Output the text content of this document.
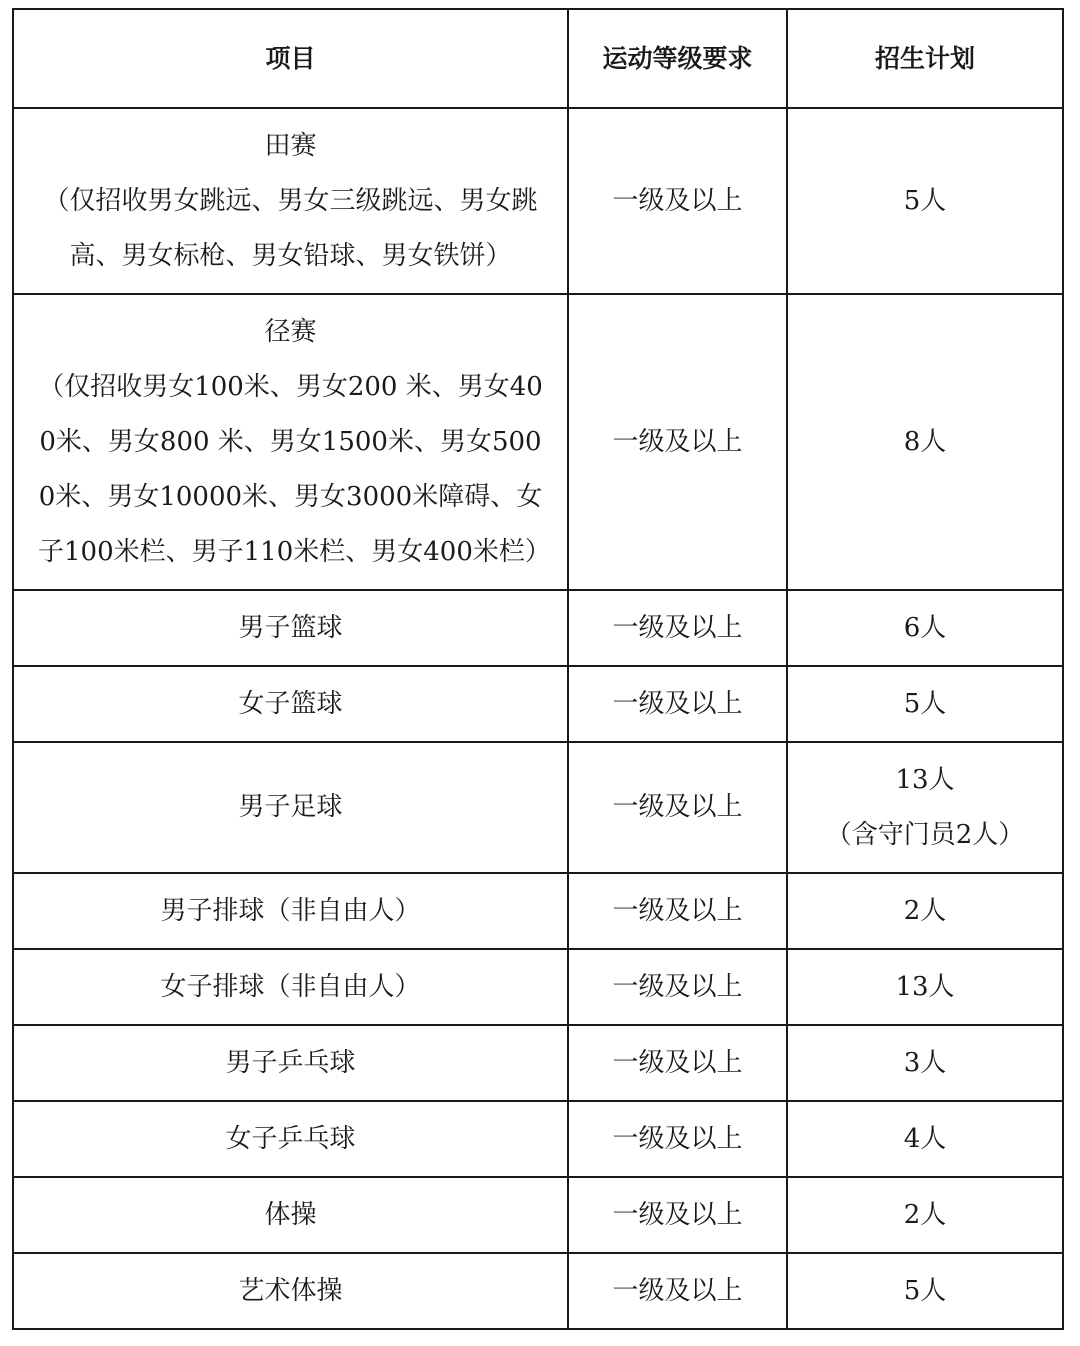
项目	运动等级要求	招生计划

田赛
（仅招收男女跳远、男女三级跳远、男女跳高、男女标枪、男女铅球、男女铁饼）	一级及以上	5人

径赛
（仅招收男女100米、男女200 米、男女400米、男女800 米、男女1500米、男女5000米、男女10000米、男女3000米障碍、女子100米栏、男子110米栏、男女400米栏）	一级及以上	8人
男子篮球	一级及以上	6人
女子篮球	一级及以上	5人
男子足球	一级及以上	13人
（含守门员2人）

男子排球（非自由人）	一级及以上	2人
女子排球（非自由人）	一级及以上	13人
男子乒乓球	一级及以上	3人
女子乒乓球	一级及以上	4人
体操	一级及以上	2人
艺术体操	一级及以上	5人
